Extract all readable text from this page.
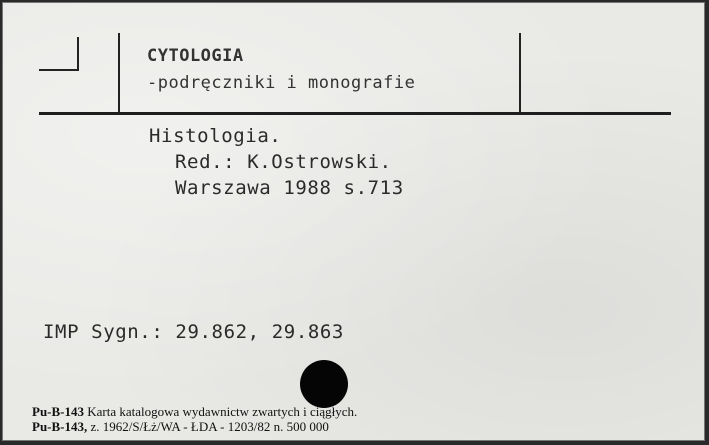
CYTOLOGIA
-podręczniki i monografie
Histologia.
Red.: K.Ostrowski.
Warszawa 1988 s.713
IMP Sygn.: 29.862, 29.863
Pu-B-143 Karta katalogowa wydawnictw zwartych i ciągłych.
Pu-B-143, z. 1962/S/Łż/WA - ŁDA - 1203/82 n. 500 000
